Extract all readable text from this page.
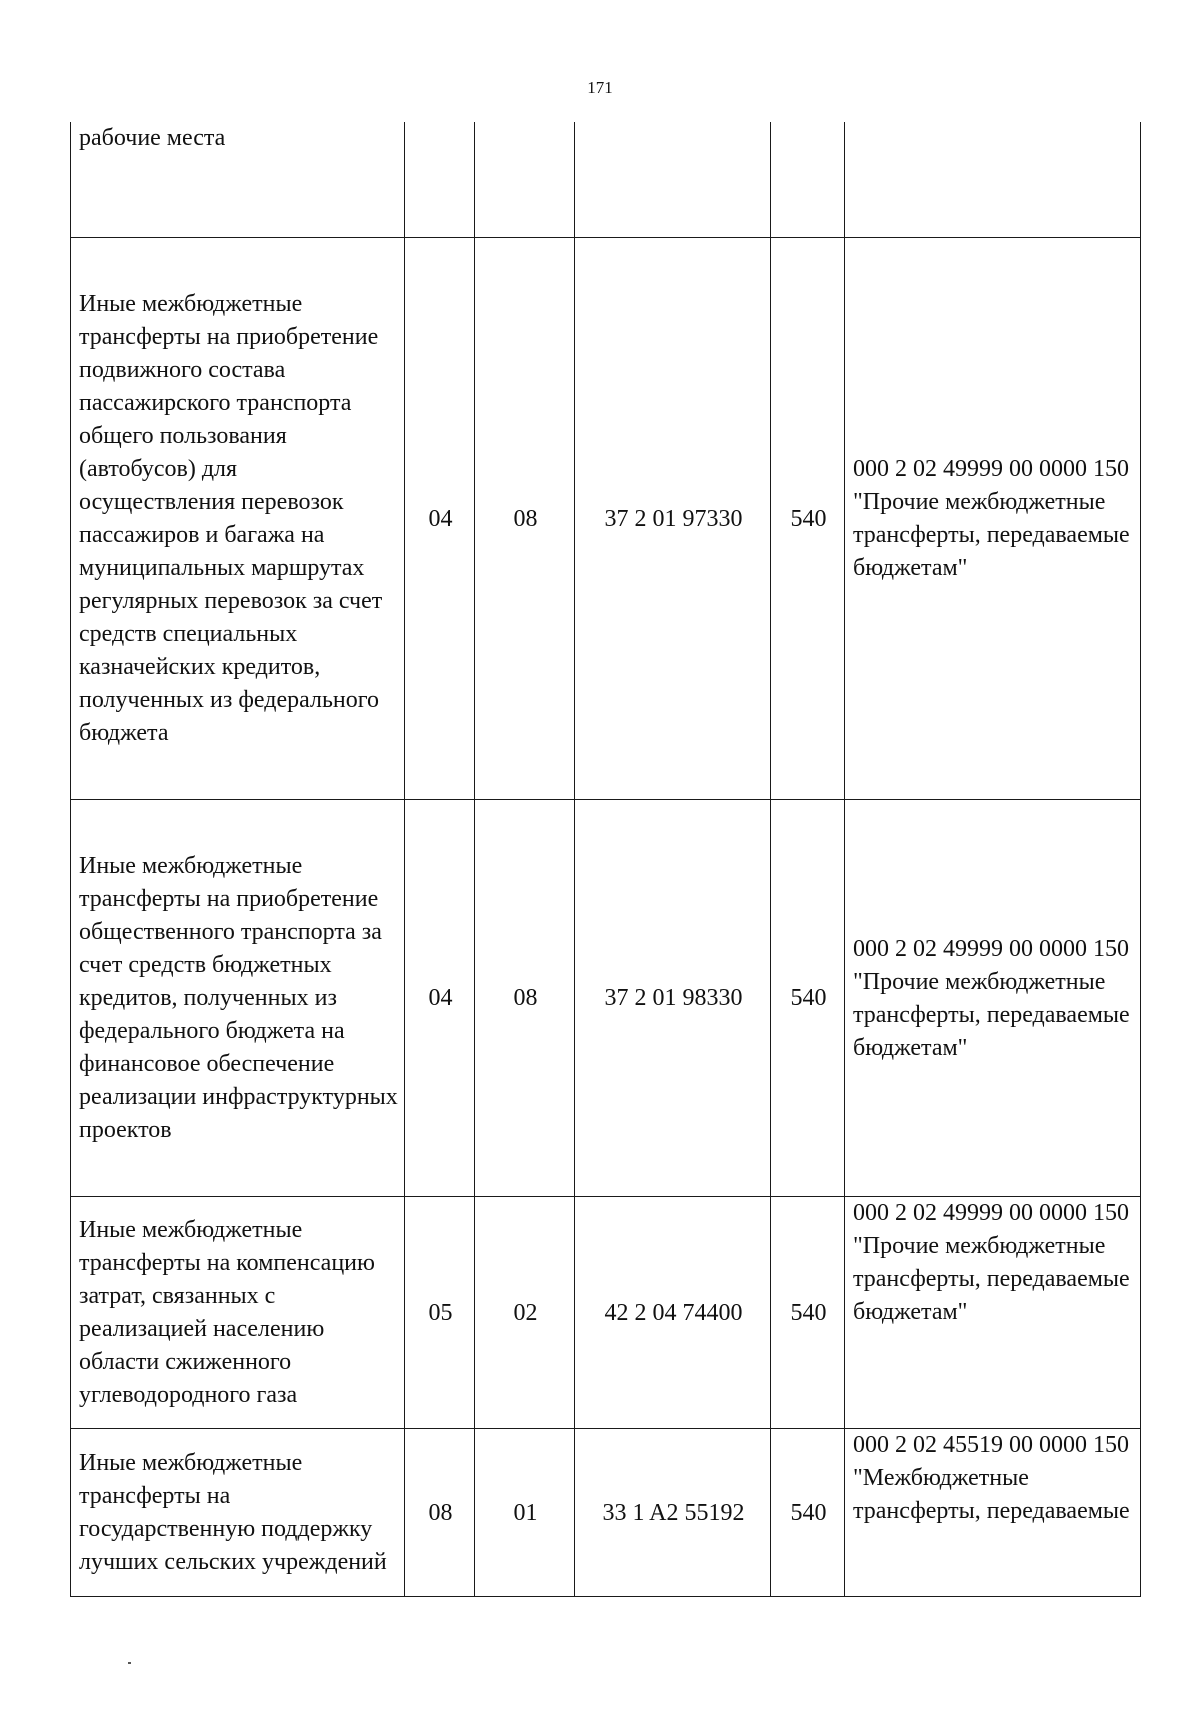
171
рабочие места					
Иные межбюджетные трансферты на приобретение подвижного состава пассажирского транспорта общего пользования (автобусов) для осуществления перевозок пассажиров и багажа на муниципальных маршрутах регулярных перевозок за счет средств специальных казначейских кредитов, полученных из федерального бюджета	04	08	37 2 01 97330	540	000 2 02 49999 00 0000 150 "Прочие межбюджетные трансферты, передаваемые бюджетам"
Иные межбюджетные трансферты на приобретение общественного транспорта за счет средств бюджетных кредитов, полученных из федерального бюджета на финансовое обеспечение реализации инфраструктурных проектов	04	08	37 2 01 98330	540	000 2 02 49999 00 0000 150 "Прочие межбюджетные трансферты, передаваемые бюджетам"
Иные межбюджетные трансферты на компенсацию затрат, связанных с реализацией населению области сжиженного углеводородного газа	05	02	42 2 04 74400	540	000 2 02 49999 00 0000 150 "Прочие межбюджетные трансферты, передаваемые бюджетам"
Иные межбюджетные трансферты на государственную поддержку лучших сельских учреждений	08	01	33 1 A2 55192	540	000 2 02 45519 00 0000 150 "Межбюджетные трансферты, передаваемые
